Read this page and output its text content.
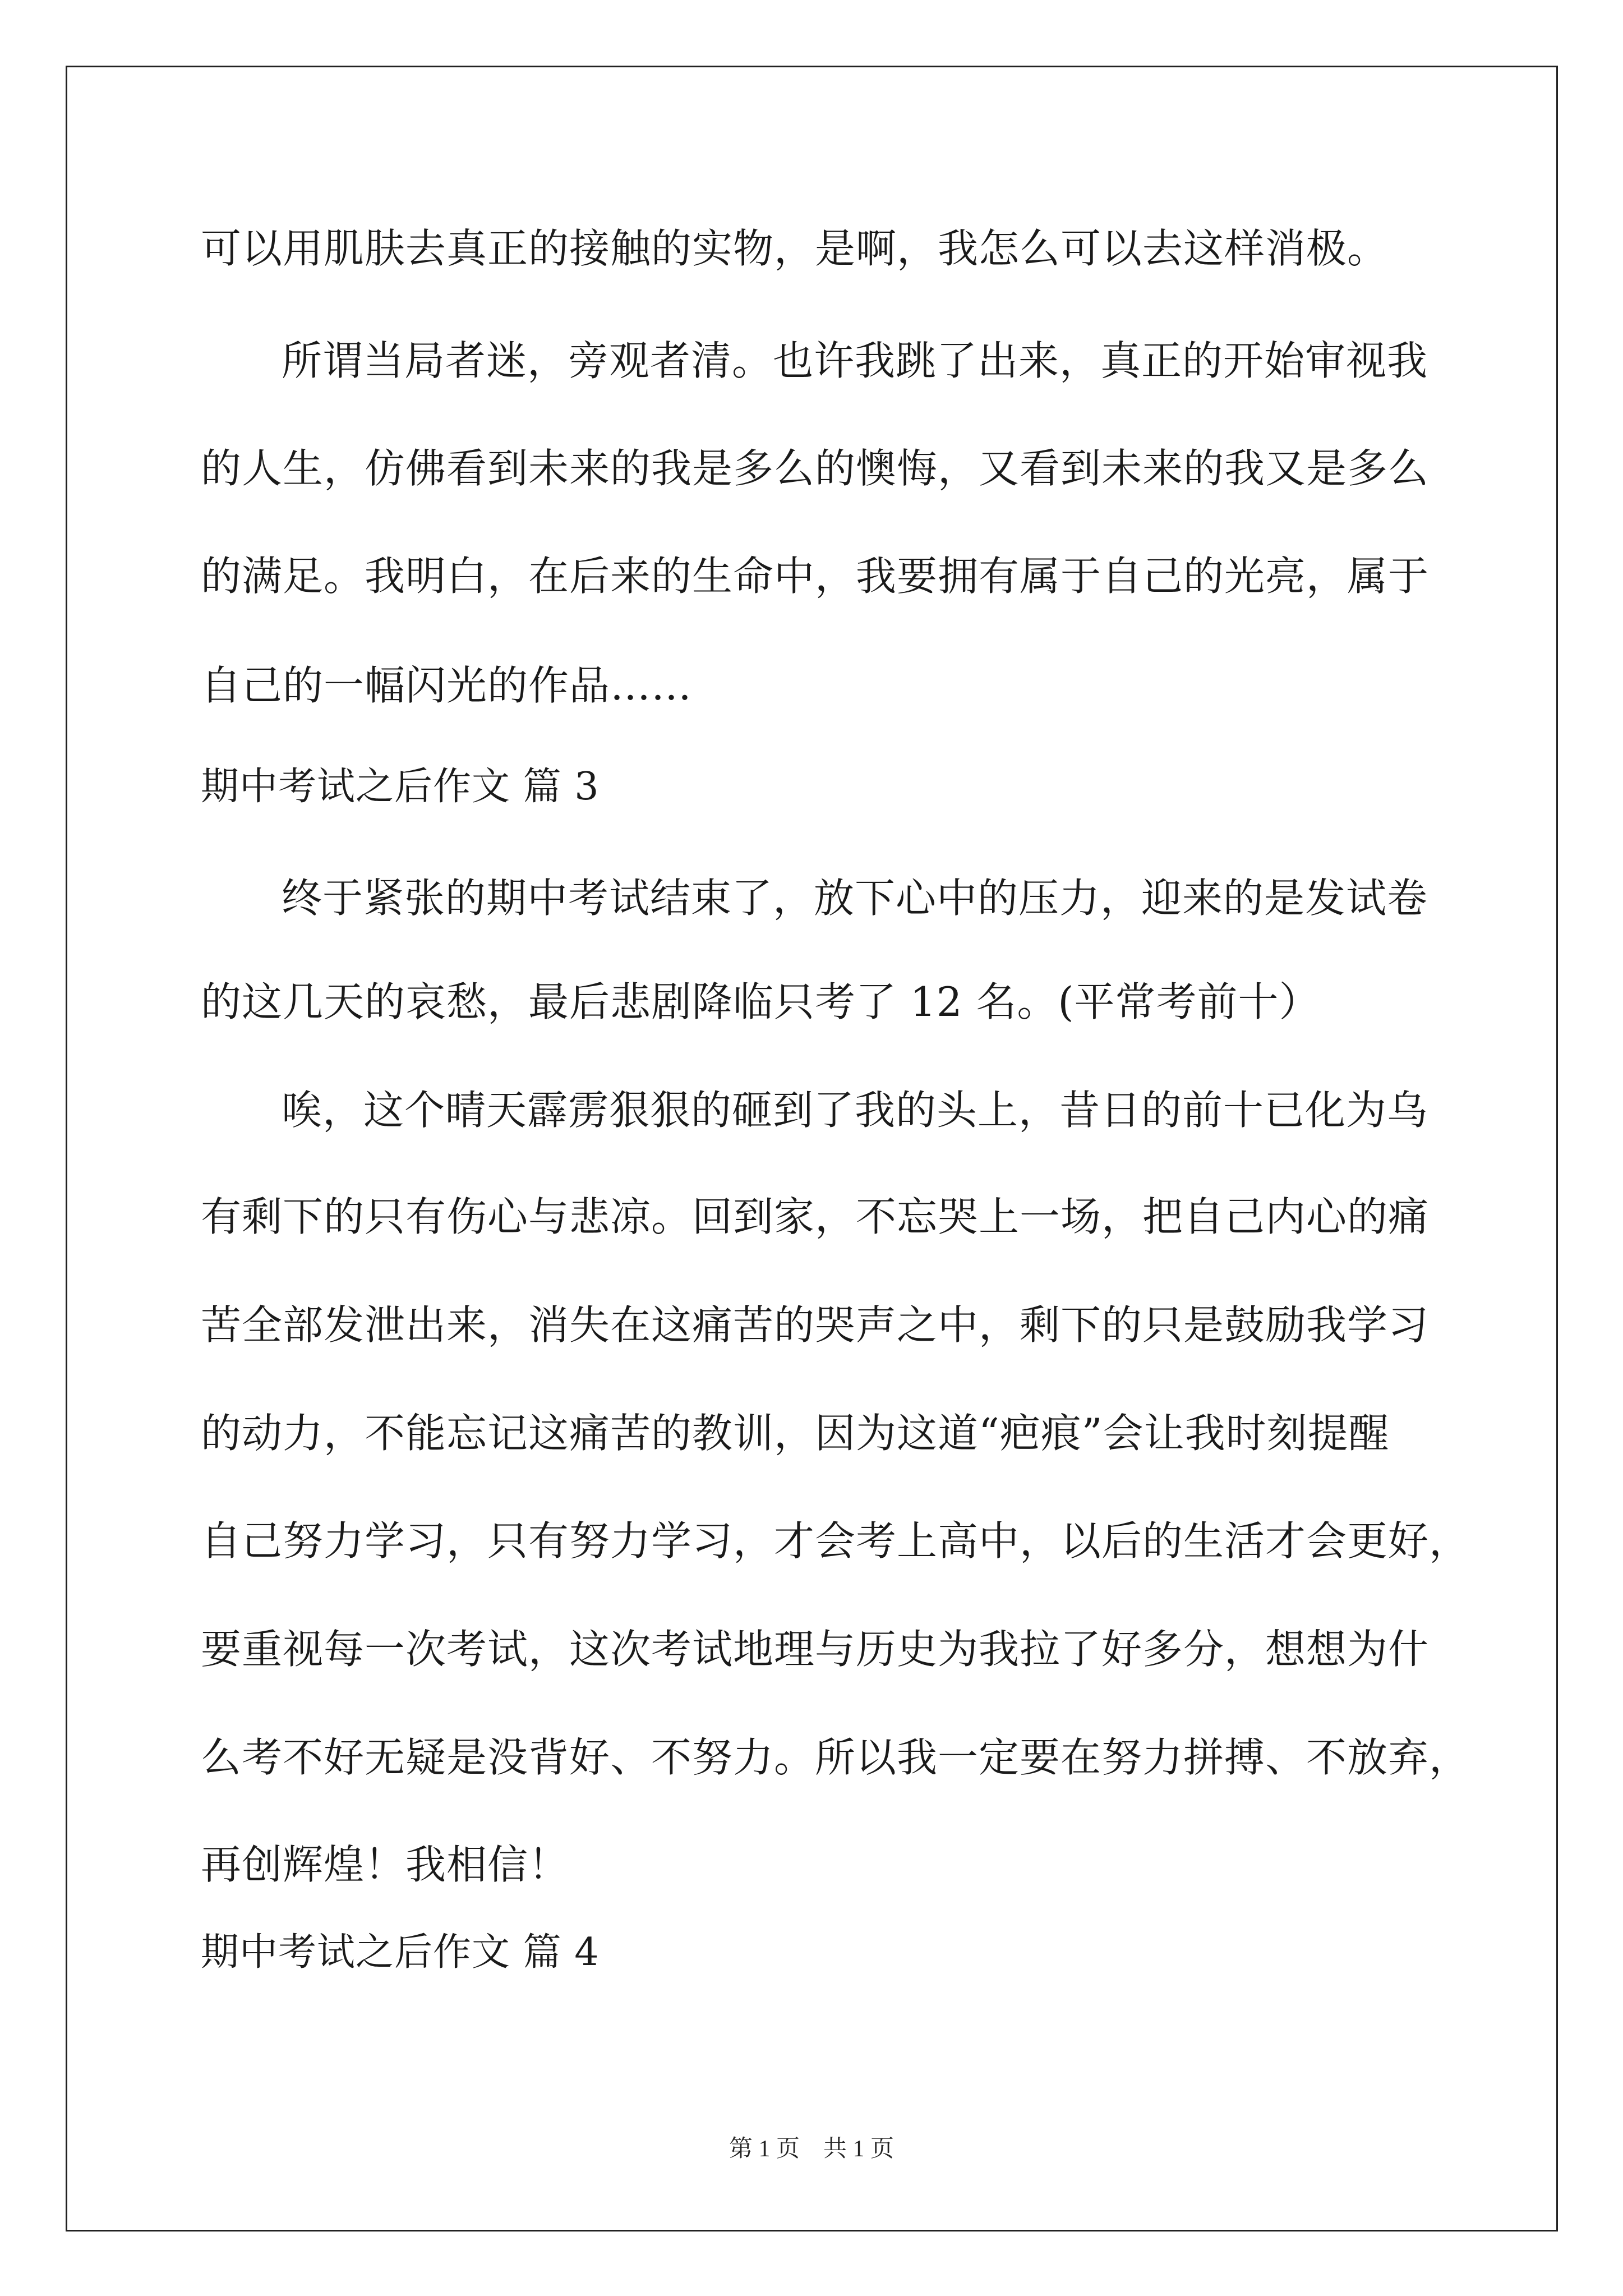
可以用肌肤去真正的接触的实物，是啊，我怎么可以去这样消极。
所谓当局者迷，旁观者清。也许我跳了出来，真正的开始审视我
的人生，仿佛看到未来的我是多么的懊悔，又看到未来的我又是多么
的满足。我明白，在后来的生命中，我要拥有属于自己的光亮，属于
自己的一幅闪光的作品……
期中考试之后作文 篇 3
终于紧张的期中考试结束了，放下心中的压力，迎来的是发试卷
的这几天的哀愁，最后悲剧降临只考了 12 名。(平常考前十）
唉，这个晴天霹雳狠狠的砸到了我的头上，昔日的前十已化为乌
有剩下的只有伤心与悲凉。回到家，不忘哭上一场，把自己内心的痛
苦全部发泄出来，消失在这痛苦的哭声之中，剩下的只是鼓励我学习
的动力，不能忘记这痛苦的教训，因为这道“疤痕”会让我时刻提醒
自己努力学习，只有努力学习，才会考上高中，以后的生活才会更好，
要重视每一次考试，这次考试地理与历史为我拉了好多分，想想为什
么考不好无疑是没背好、不努力。所以我一定要在努力拼搏、不放弃，
再创辉煌！我相信！
期中考试之后作文 篇 4
第 1 页　共 1 页
